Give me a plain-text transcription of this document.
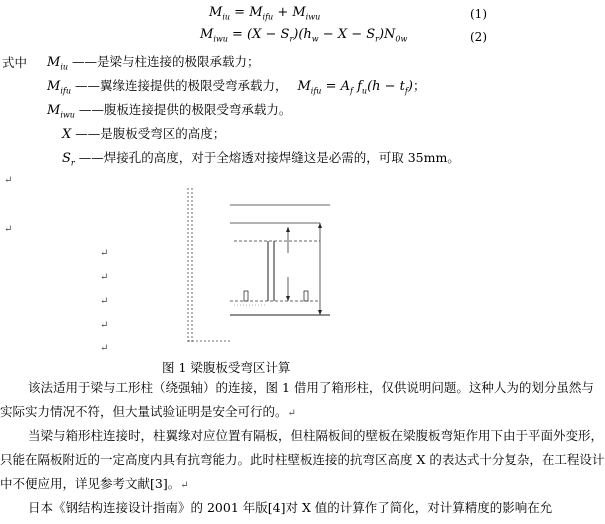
$M_{iu} = M_{ifu} + M_{iwu}$	(1)
$M_{iwu} = (X - S_r)(h_w - X - S_r)N_{0w}$	(2)
式中 $M_{iu}$ ——是梁与柱连接的极限承载力；
$M_{ifu}$ ——翼缘连接提供的极限受弯承载力， $M_{ifu} = A_f$ $f_u(h - t_f)$；
$M_{iwu}$ ——腹板连接提供的极限受弯承载力。
X ——是腹板受弯区的高度；
$S_r$ ——焊接孔的高度，对于全熔透对接焊缝这是必需的，可取 35mm。
↵
↵
↵
↵
↵
↵
↵
图 1 梁腹板受弯区计算
该法适用于梁与工形柱（绕强轴）的连接，图 1 借用了箱形柱，仅供说明问题。这种人为的划分虽然与实际实力情况不符，但大量试验证明是安全可行的。↵
当梁与箱形柱连接时，柱翼缘对应位置有隔板，但柱隔板间的壁板在梁腹板弯矩作用下由于平面外变形，只能在隔板附近的一定高度内具有抗弯能力。此时柱壁板连接的抗弯区高度 X 的表达式十分复杂，在工程设计中不便应用，详见参考文献[3]。↵
日本《钢结构连接设计指南》的 2001 年版[4]对 X 值的计算作了简化，对计算精度的影响在允
